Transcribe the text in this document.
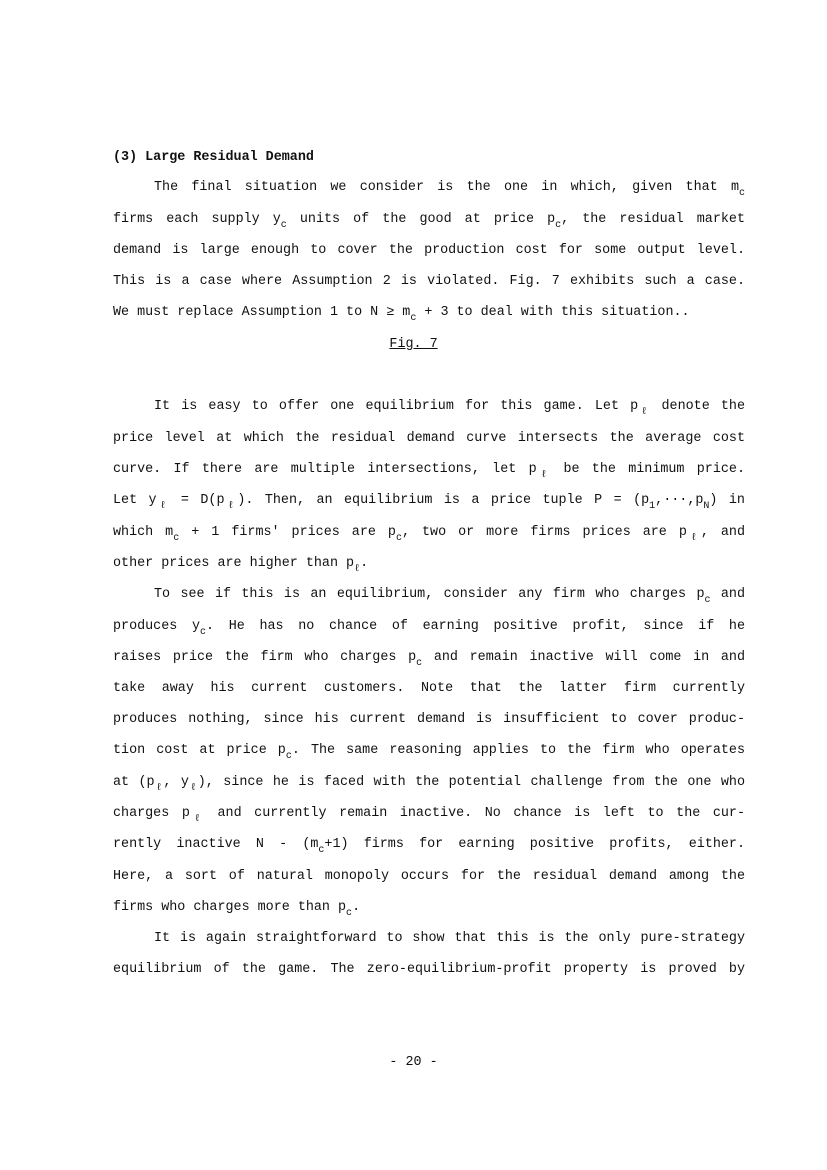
(3) Large Residual Demand
The final situation we consider is the one in which, given that $m_c$
firms each supply $y_c$ units of the good at price $p_c$, the residual market
demand is large enough to cover the production cost for some output level.
This is a case where Assumption 2 is violated. Fig. 7 exhibits such a case.
We must replace Assumption 1 to $N \ge m_c + 3$ to deal with this situation..
Fig. 7
It is easy to offer one equilibrium for this game. Let $p_\ell$ denote the
price level at which the residual demand curve intersects the average cost
curve. If there are multiple intersections, let $p_\ell$ be the minimum price.
Let $y_\ell = D(p_\ell)$. Then, an equilibrium is a price tuple $P = (p_1,\cdot\cdot\cdot,p_N)$ in
which $m_c + 1$ firms' prices are $p_c$, two or more firms prices are $p_\ell$, and
other prices are higher than $p_\ell$.
To see if this is an equilibrium, consider any firm who charges $p_c$ and
produces $y_c$. He has no chance of earning positive profit, since if he
raises price the firm who charges $p_c$ and remain inactive will come in and
take away his current customers. Note that the latter firm currently
produces nothing, since his current demand is insufficient to cover produc-
tion cost at price $p_c$. The same reasoning applies to the firm who operates
at ($p_\ell$, $y_\ell$), since he is faced with the potential challenge from the one who
charges $p_\ell$ and currently remain inactive. No chance is left to the cur-
rently inactive $N - (m_c+1)$ firms for earning positive profits, either.
Here, a sort of natural monopoly occurs for the residual demand among the
firms who charges more than $p_c$.
It is again straightforward to show that this is the only pure-strategy
equilibrium of the game. The zero-equilibrium-profit property is proved by
- 20 -
